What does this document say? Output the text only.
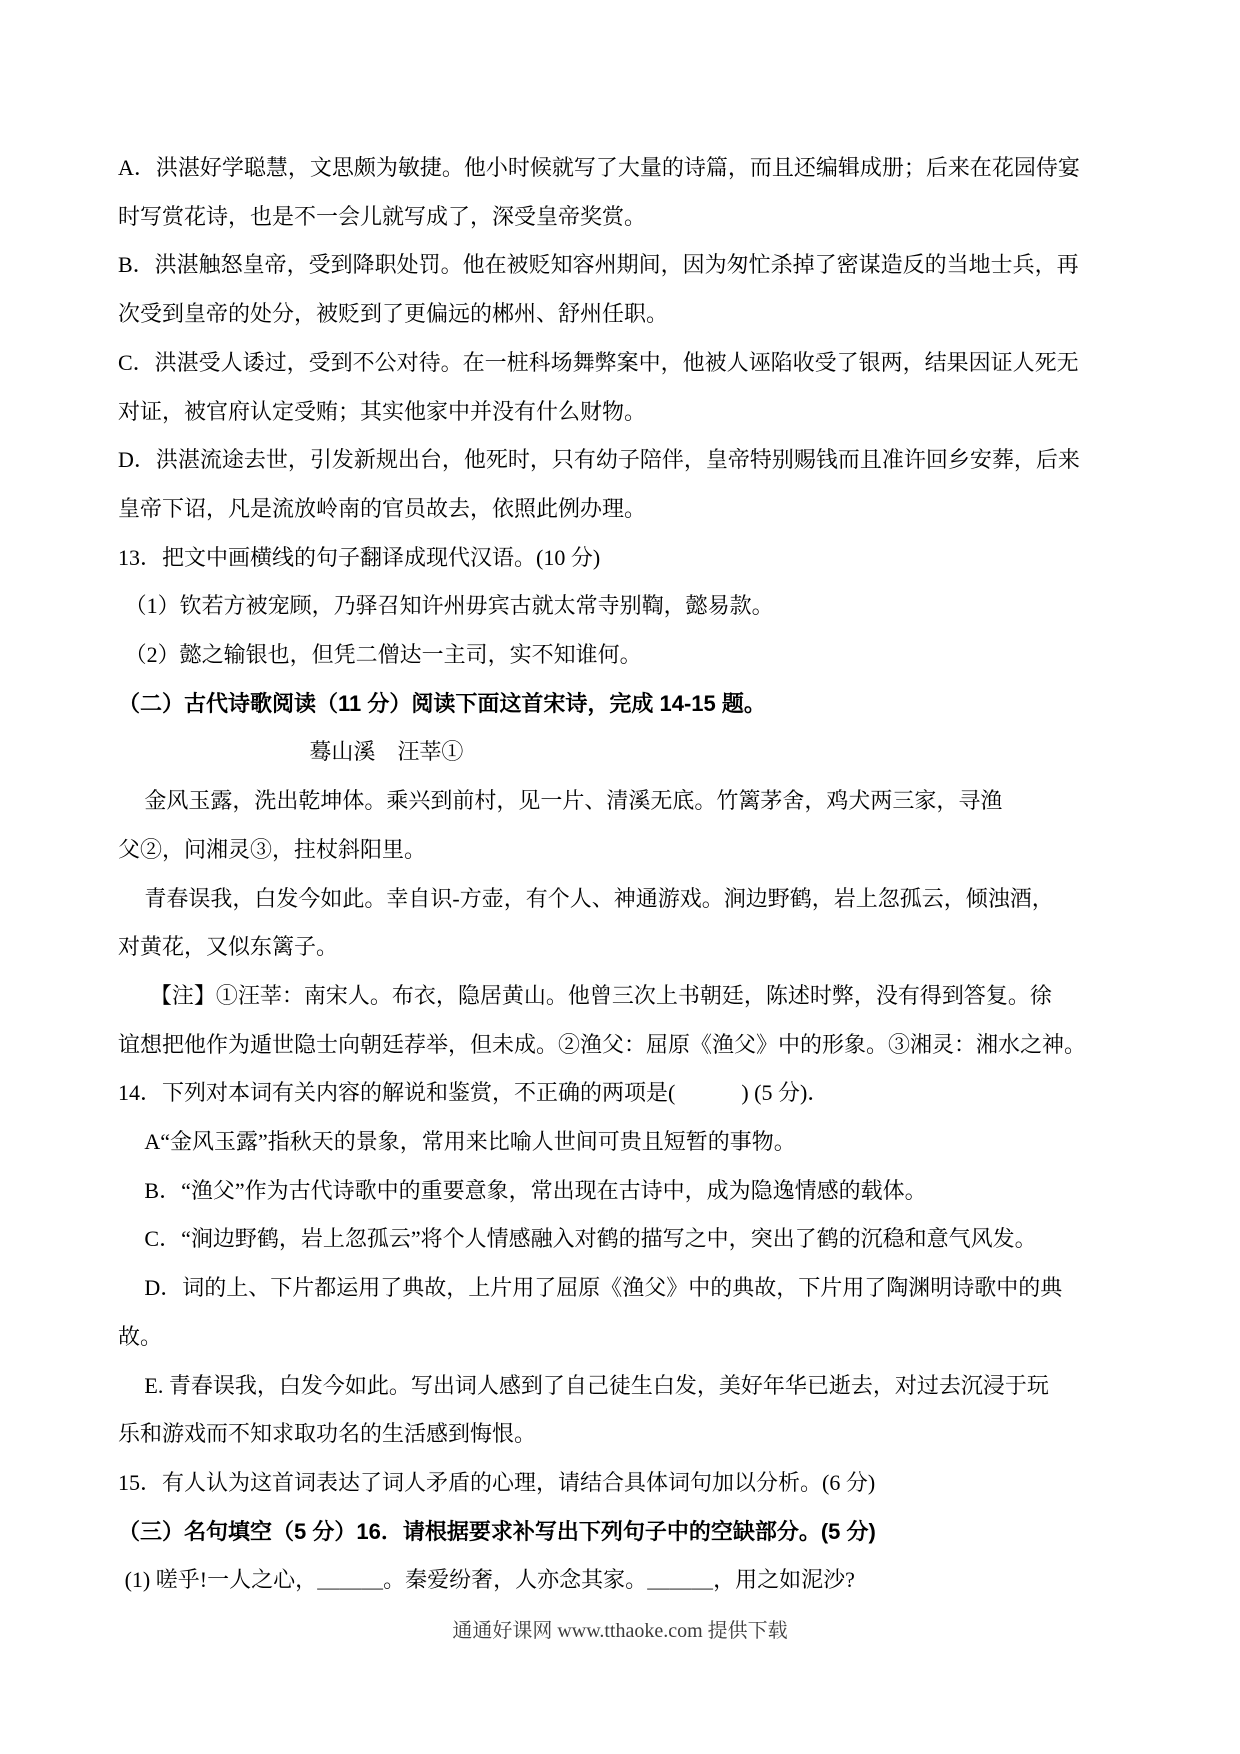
A．洪湛好学聪慧，文思颇为敏捷。他小时候就写了大量的诗篇，而且还编辑成册；后来在花园侍宴

时写赏花诗，也是不一会儿就写成了，深受皇帝奖赏。

B．洪湛触怒皇帝，受到降职处罚。他在被贬知容州期间，因为匆忙杀掉了密谋造反的当地士兵，再

次受到皇帝的处分，被贬到了更偏远的郴州、舒州任职。

C．洪湛受人诿过，受到不公对待。在一桩科场舞弊案中，他被人诬陷收受了银两，结果因证人死无

对证，被官府认定受贿；其实他家中并没有什么财物。

D．洪湛流途去世，引发新规出台，他死时，只有幼子陪伴，皇帝特别赐钱而且准许回乡安葬，后来

皇帝下诏，凡是流放岭南的官员故去，依照此例办理。

13．把文中画横线的句子翻译成现代汉语。(10 分)

（1）钦若方被宠顾，乃驿召知许州毋宾古就太常寺别鞫，懿易款。

（2）懿之输银也，但凭二僧达一主司，实不知谁何。

（二）古代诗歌阅读（11 分）阅读下面这首宋诗，完成 14-15 题。

蓦山溪　汪莘①

金风玉露，洗出乾坤体。乘兴到前村，见一片、清溪无底。竹篱茅舍，鸡犬两三家，寻渔

父②，问湘灵③，拄杖斜阳里。

青春误我，白发今如此。幸自识-方壶，有个人、神通游戏。涧边野鹤，岩上忽孤云，倾浊酒，

对黄花，又似东篱子。

【注】①汪莘：南宋人。布衣，隐居黄山。他曾三次上书朝廷，陈述时弊，没有得到答复。徐

谊想把他作为遁世隐士向朝廷荐举，但未成。②渔父：屈原《渔父》中的形象。③湘灵：湘水之神。

14．下列对本词有关内容的解说和鉴赏，不正确的两项是(　　　) (5 分)．

A“金风玉露”指秋天的景象，常用来比喻人世间可贵且短暂的事物。

B．“渔父”作为古代诗歌中的重要意象，常出现在古诗中，成为隐逸情感的载体。

C．“涧边野鹤，岩上忽孤云”将个人情感融入对鹤的描写之中，突出了鹤的沉稳和意气风发。

D．词的上、下片都运用了典故，上片用了屈原《渔父》中的典故，下片用了陶渊明诗歌中的典

故。

E. 青春误我，白发今如此。写出词人感到了自己徒生白发，美好年华已逝去，对过去沉浸于玩

乐和游戏而不知求取功名的生活感到悔恨。

15．有人认为这首词表达了词人矛盾的心理，请结合具体词句加以分析。(6 分)

（三）名句填空（5 分）16．请根据要求补写出下列句子中的空缺部分。(5 分)

(1) 嗟乎!一人之心，＿＿＿。秦爱纷奢，人亦念其家。＿＿＿，用之如泥沙?

通通好课网 www.tthaoke.com 提供下载
